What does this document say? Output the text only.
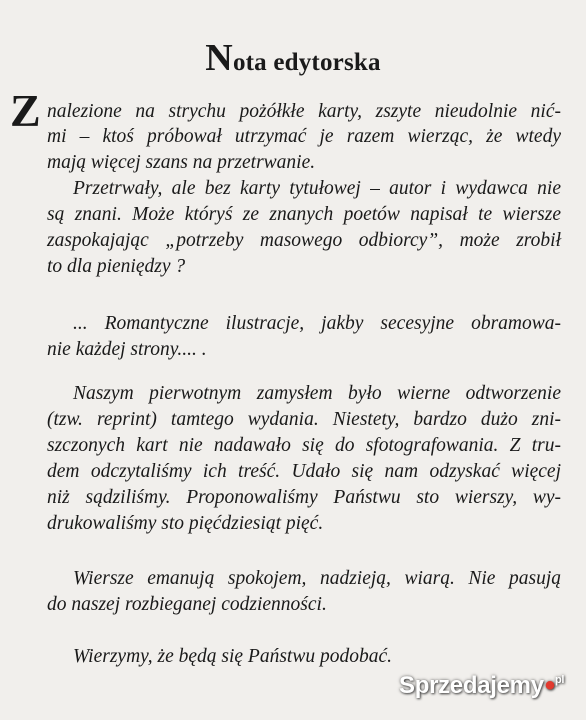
Nota edytorska
Z nalezione na strychu pożółkłe karty, zszyte nieudolnie nić-
mi – ktoś próbował utrzymać je razem wierząc, że wtedy
mają więcej szans na przetrwanie.
Przetrwały, ale bez karty tytułowej – autor i wydawca nie
są znani. Może któryś ze znanych poetów napisał te wiersze
zaspokajając „potrzeby masowego odbiorcy”, może zrobił
to dla pieniędzy ?
... Romantyczne ilustracje, jakby secesyjne obramowa-
nie każdej strony.... .
Naszym pierwotnym zamysłem było wierne odtworzenie
(tzw. reprint) tamtego wydania. Niestety, bardzo dużo zni-
szczonych kart nie nadawało się do sfotografowania. Z tru-
dem odczytaliśmy ich treść. Udało się nam odzyskać więcej
niż sądziliśmy. Proponowaliśmy Państwu sto wierszy, wy-
drukowaliśmy sto pięćdziesiąt pięć.
Wiersze emanują spokojem, nadzieją, wiarą. Nie pasują
do naszej rozbieganej codzienności.
Wierzymy, że będą się Państwu podobać.
Sprzedajemy•$^{pl}$
